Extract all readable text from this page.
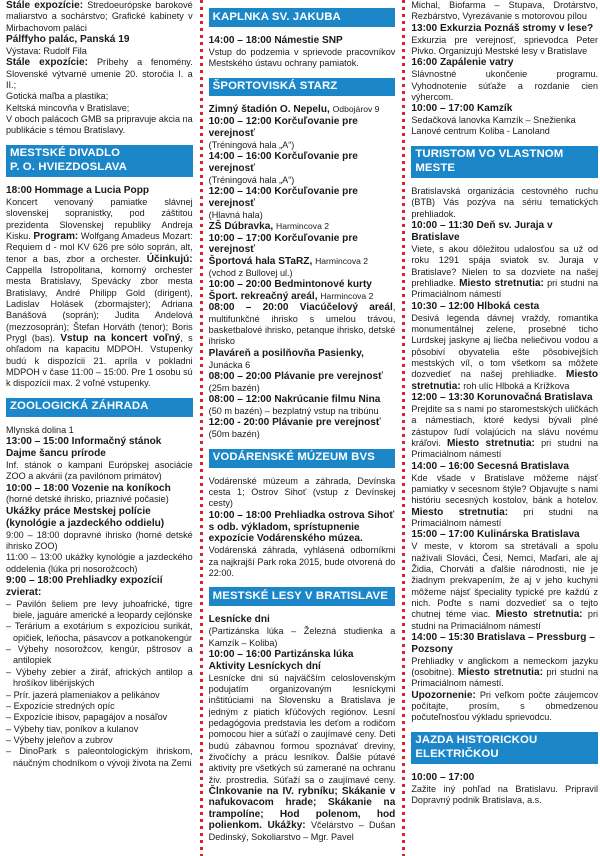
Stále expozície: Stredoeurópske barokové maliarstvo a sochárstvo; Grafické kabinety v Mirbachovom paláci

Pálffyho palác, Panská 19

Výstava: Rudolf Fila

Stále expozície: Príbehy a fenomény. Slovenské výtvarné umenie 20. storočia I. a II.;

Gotická maľba a plastika;

Keltská mincovňa v Bratislave;

V oboch palácoch GMB sa pripravuje akcia na publikácie s témou Bratislavy.

MESTSKÉ DIVADLO
P. O. HVIEZDOSLAVA

18:00 Hommage a Lucia Popp

Koncert venovaný pamiatke slávnej slovenskej sopranistky, pod záštitou prezidenta Slovenskej republiky Andreja Kisku. Program: Wolfgang Amadeus Mozart: Requiem d - mol KV 626 pre sólo soprán, alt, tenor a bas, zbor a orchester. Účinkujú: Cappella Istropolitana, komorný orchester mesta Bratislavy, Spevácky zbor mesta Bratislavy, André Philipp Gold (dirigent), Ladislav Holásek (zbormajster); Adriana Banášová (soprán); Judita Andelová (mezzosoprán); Štefan Horváth (tenor); Boris Prygl (bas). Vstup na koncert voľný, s ohľadom na kapacitu MDPOH. Vstupenky budú k dispozícii 21. apríla v pokladni MDPOH v čase 11:00 – 15:00. Pre 1 osobu sú k dispozícii max. 2 voľné vstupenky.

ZOOLOGICKÁ ZÁHRADA

Mlynská dolina 1

13:00 – 15:00 Informačný stánok
Dajme šancu prírode

Inf. stánok o kampani Európskej asociácie ZOO a akvárii (za pavilónom primátov)

10:00 – 18:00 Vozenie na koníkoch

(horné detské ihrisko, priaznivé počasie)

Ukážky práce Mestskej polície (kynológie a jazdeckého oddielu)

9:00 – 18:00 dopravné ihrisko (horné detské ihrisko ZOO)

11:00 – 13:00 ukážky kynológie a jazdeckého oddelenia (lúka pri nosorožcoch)

9:00 – 18:00 Prehliadky expozícií zvierat:

– Pavilón šeliem pre levy juhoafrické, tigre biele, jaguáre americké a leopardy cejlónske
– Terárium a exotárium s expozíciou surikát, opičiek, leňocha, pásavcov a potkanokengúr
– Výbehy nosorožcov, kengúr, pštrosov a antilopiek
– Výbehy zebier a žiráf, afrických antilop a hrošíkov libérijských
– Prír. jazerá plameniakov a pelikánov
– Expozície stredných opíc
– Expozície ibisov, papagájov a nosáľov
– Výbehy tiav, poníkov a kulanov
– Výbehy jeleňov a zubrov
– DinoPark s paleontologickým ihriskom, náučným chodníkom o vývoji života na Zemi
KAPLNKA SV. JAKUBA

14:00 – 18:00 Námestie SNP

Vstup do podzemia v sprievode pracovníkov Mestského ústavu ochrany pamiatok.

ŠPORTOVISKÁ STARZ

Zimný štadión O. Nepelu, Odbojárov 9

10:00 – 12:00 Korčuľovanie pre verejnosť

(Tréningová hala „A“)

14:00 – 16:00 Korčuľovanie pre verejnosť

(Tréningová hala „A“)

12:00 – 14:00 Korčuľovanie pre verejnosť

(Hlavná hala)

ZŠ Dúbravka, Harmincova 2

10:00 – 17:00 Korčuľovanie pre verejnosť

Športová hala STaRZ, Harmincova 2

(vchod z Bullovej ul.)

10:00 – 20:00 Bedmintonové kurty

Šport. rekreačný areál, Harmincova 2

08:00 – 20:00 Viacúčelový areál, multifunkčné ihrisko s umelou trávou, basketbalové ihrisko, petanque ihrisko, detské ihrisko

Plaváreň a posilňovňa Pasienky,

Junácka 6

08:00 – 20:00 Plávanie pre verejnosť

(25m bazén)

08:00 – 12:00 Nakrúcanie filmu Nina

(50 m bazén) – bezplatný vstup na tribúnu

12:00 - 20:00 Plávanie pre verejnosť

(50m bazén)

VODÁRENSKÉ MÚZEUM BVS

Vodárenské múzeum a záhrada, Devínska cesta 1; Ostrov Sihoť (vstup z Devínskej cesty)

10:00 – 18:00 Prehliadka ostrova Sihoť s odb. výkladom, sprístupnenie expozície Vodárenského múzea.

Vodárenská záhrada, vyhlásená odborníkmi za najkrajší Park roka 2015, bude otvorená do 22:00.

MESTSKÉ LESY V BRATISLAVE

Lesnícke dni

(Partizánska lúka – Železná studienka a Kamzík – Koliba)

10:00 – 16:00 Partizánska lúka
Aktivity Lesníckych dní

Lesnícke dni sú najväčším celoslovenským podujatím organizovaným lesníckymi inštitúciami na Slovensku a Bratislava je jedným z piatich kľúčových regiónov. Lesní pedagógovia predstavia les deťom a rodičom pomocou hier a súťaží o zaujímavé ceny. Deti budú zábavnou formou spoznávať dreviny, živočíchy a prácu lesníkov. Ďalšie pútavé aktivity pre všetkých sú zamerané na ochranu živ. prostredia. Súťaží sa o zaujímavé ceny. Člnkovanie na IV. rybníku; Skákanie v nafukovacom hrade; Skákanie na trampolíne; Hod polenom, hod polienkom. Ukážky: Včelárstvo – Dušan Dedinský, Sokoliarstvo – Mgr. Pavel

Michal, Biofarma – Stupava, Drotárstvo, Rezbárstvo, Vyrezávanie s motorovou pílou

13:00 Exkurzia Poznáš stromy v lese?

Exkurzia pre verejnosť, sprievodca Peter Pivko. Organizujú Mestské lesy v Bratislave

16:00 Zapálenie vatry

Slávnostné ukončenie programu. Vyhodnotenie súťaže a rozdanie cien výhercom.

10:00 – 17:00 Kamzík

Sedačková lanovka Kamzík – Snežienka

Lanové centrum Koliba - Lanoland

TURISTOM VO VLASTNOM MESTE

Bratislavská organizácia cestovného ruchu (BTB) Vás pozýva na sériu tematických prehliadok.

10:00 – 11:30 Deň sv. Juraja v Bratislave

Viete, s akou dôležitou udalosťou sa už od roku 1291 spája sviatok sv. Juraja v Bratislave? Nielen to sa dozviete na našej prehliadke. Miesto stretnutia: pri studni na Primaciálnom námestí

10:30 – 12:00 Hlboká cesta

Desivá legenda dávnej vraždy, romantika monumentálnej zelene, prosebné ticho Lurdskej jaskyne aj liečba neliečivou vodou a pôsobiví obyvatelia ešte pôsobivejších mestských víl, o tom všetkom sa môžete dozvedieť na našej prehliadke. Miesto stretnutia: roh ulíc Hlboká a Krížkova

12:00 – 13:30 Korunovačná Bratislava

Prejdite sa s nami po staromestských uličkách a námestiach, ktoré kedysi bývali plné zástupov ľudí volajúcich na slávu novému kráľovi. Miesto stretnutia: pri studni na Primaciálnom námestí

14:00 – 16:00 Secesná Bratislava

Kde všade v Bratislave môžeme nájsť pamiatky v secesnom štýle? Objavujte s nami históriu secesných kostolov, bánk a hotelov. Miesto stretnutia: pri studni na Primaciálnom námestí

15:00 – 17:00 Kulinárska Bratislava

V meste, v ktorom sa stretávali a spolu nažívali Slováci, Česi, Nemci, Maďari, ale aj Židia, Chorváti a ďalšie národnosti, nie je žiadnym prekvapením, že aj v jeho kuchyni môžeme nájsť špeciality typické pre každú z nich. Poďte s nami dozvedieť sa o tejto chutnej téme viac. Miesto stretnutia: pri studni na Primaciálnom námestí

14:00 – 15:30 Bratislava – Pressburg – Pozsony

Prehliadky v anglickom a nemeckom jazyku (osobitne). Miesto stretnutia: pri studni na Primaciálnom námestí.

Upozornenie: Pri veľkom počte záujemcov počítajte, prosím, s obmedzenou počuteľnosťou výkladu sprievodcu.

JAZDA HISTORICKOU
ELEKTRIČKOU

10:00 – 17:00

Zažite iný pohľad na Bratislavu. Pripravil Dopravný podnik Bratislava, a.s.
